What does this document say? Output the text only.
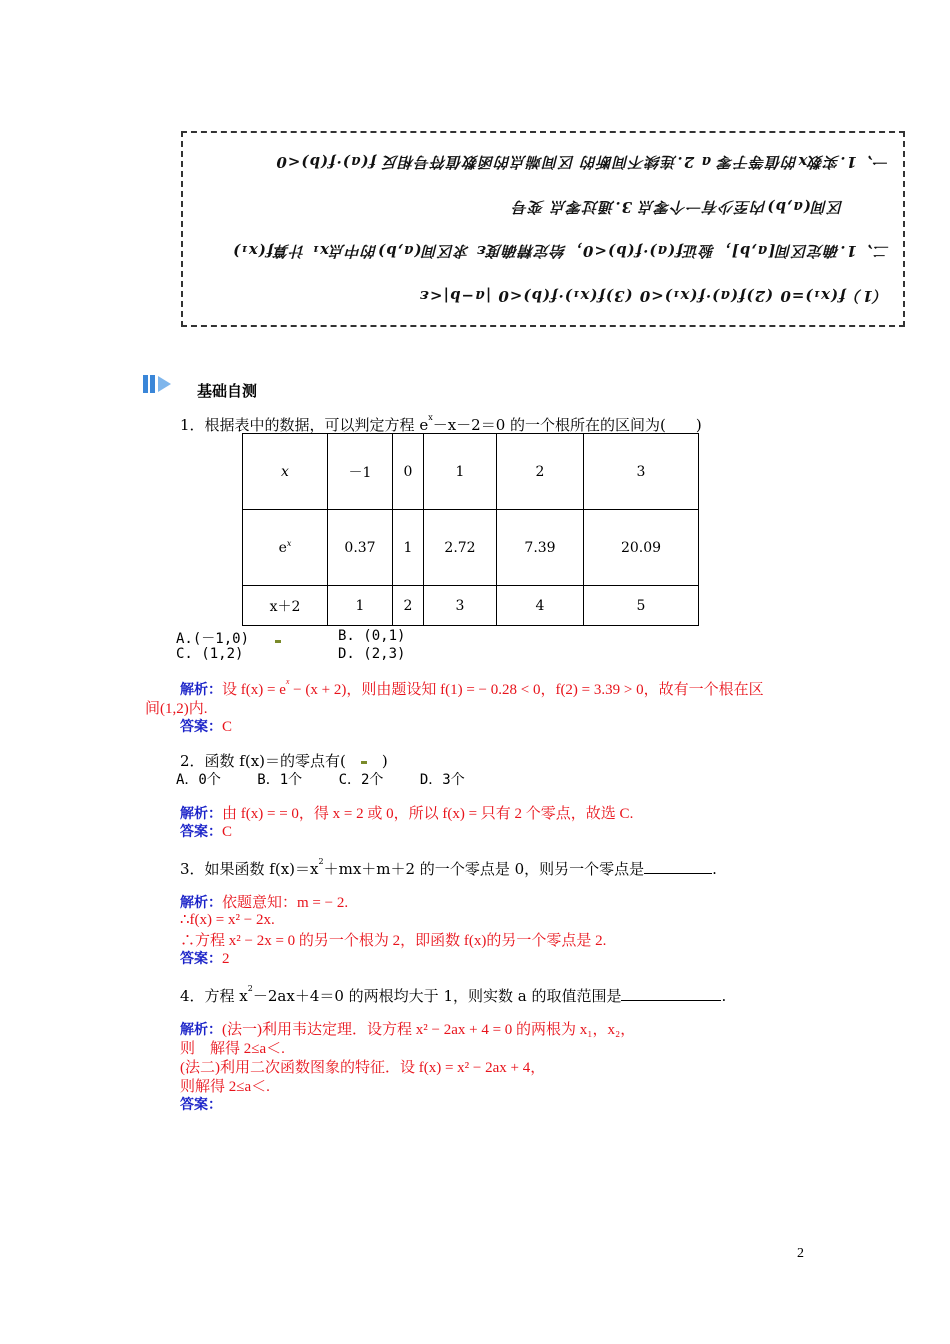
（1）f(x₁)=0 (2)f(a)·f(x₁)<0 (3)f(x₁)·f(b)<0 |a−b|<ε
二、1.确定区间[a,b]，验证f(a)·f(b)<0，给定精确度ε 求区间(a,b)的中点x₁ 计算f(x₁)
区间(a,b)内至少有一个零点 3.通过零点 变号
一、1.实数x的值等于零 a 2.连续不间断的 区间端点的函数值符号相反 f(a)·f(b)<0
基础自测
1．根据表中的数据，可以判定方程 $e^x-x-2=0$ 的一个根所在的区间为(　　)
x	－1	0	1	2	3
$e^x$	0.37	1	2.72	7.39	20.09
x＋2	1	2	3	4	5
A.(－1,0)	B. (0,1)
C. (1,2)	D. (2,3)
解析：设 $f(x) = e^x - (x + 2)$，则由题设知 f(1) = − 0.28 < 0，f(2) = 3.39 > 0，故有一个根在区
间(1,2)内.
答案：C
2．函数 f(x)＝的零点有(　　)
A．0个　　 B．1个　　 C．2个　　 D．3个
解析：由 f(x) = = 0，得 x = 2 或 0，所以 f(x) = 只有 2 个零点，故选 C.
答案：C
3．如果函数 $f(x)=x^2+mx+m+2$ 的一个零点是 0，则另一个零点是	.
解析：依题意知：m = − 2.
∴f(x) = x² − 2x.
∴方程 x² − 2x = 0 的另一个根为 2，即函数 f(x)的另一个零点是 2.
答案：2
4．方程 $x^2-2ax+4=0$ 的两根均大于 1，则实数 a 的取值范围是	.
解析：(法一)利用韦达定理．设方程 x² − 2ax + 4 = 0 的两根为 x₁，x₂，
则　解得 2≤a＜.
(法二)利用二次函数图象的特征．设 f(x) = x² − 2ax + 4，
则解得 2≤a＜.
答案：
2
